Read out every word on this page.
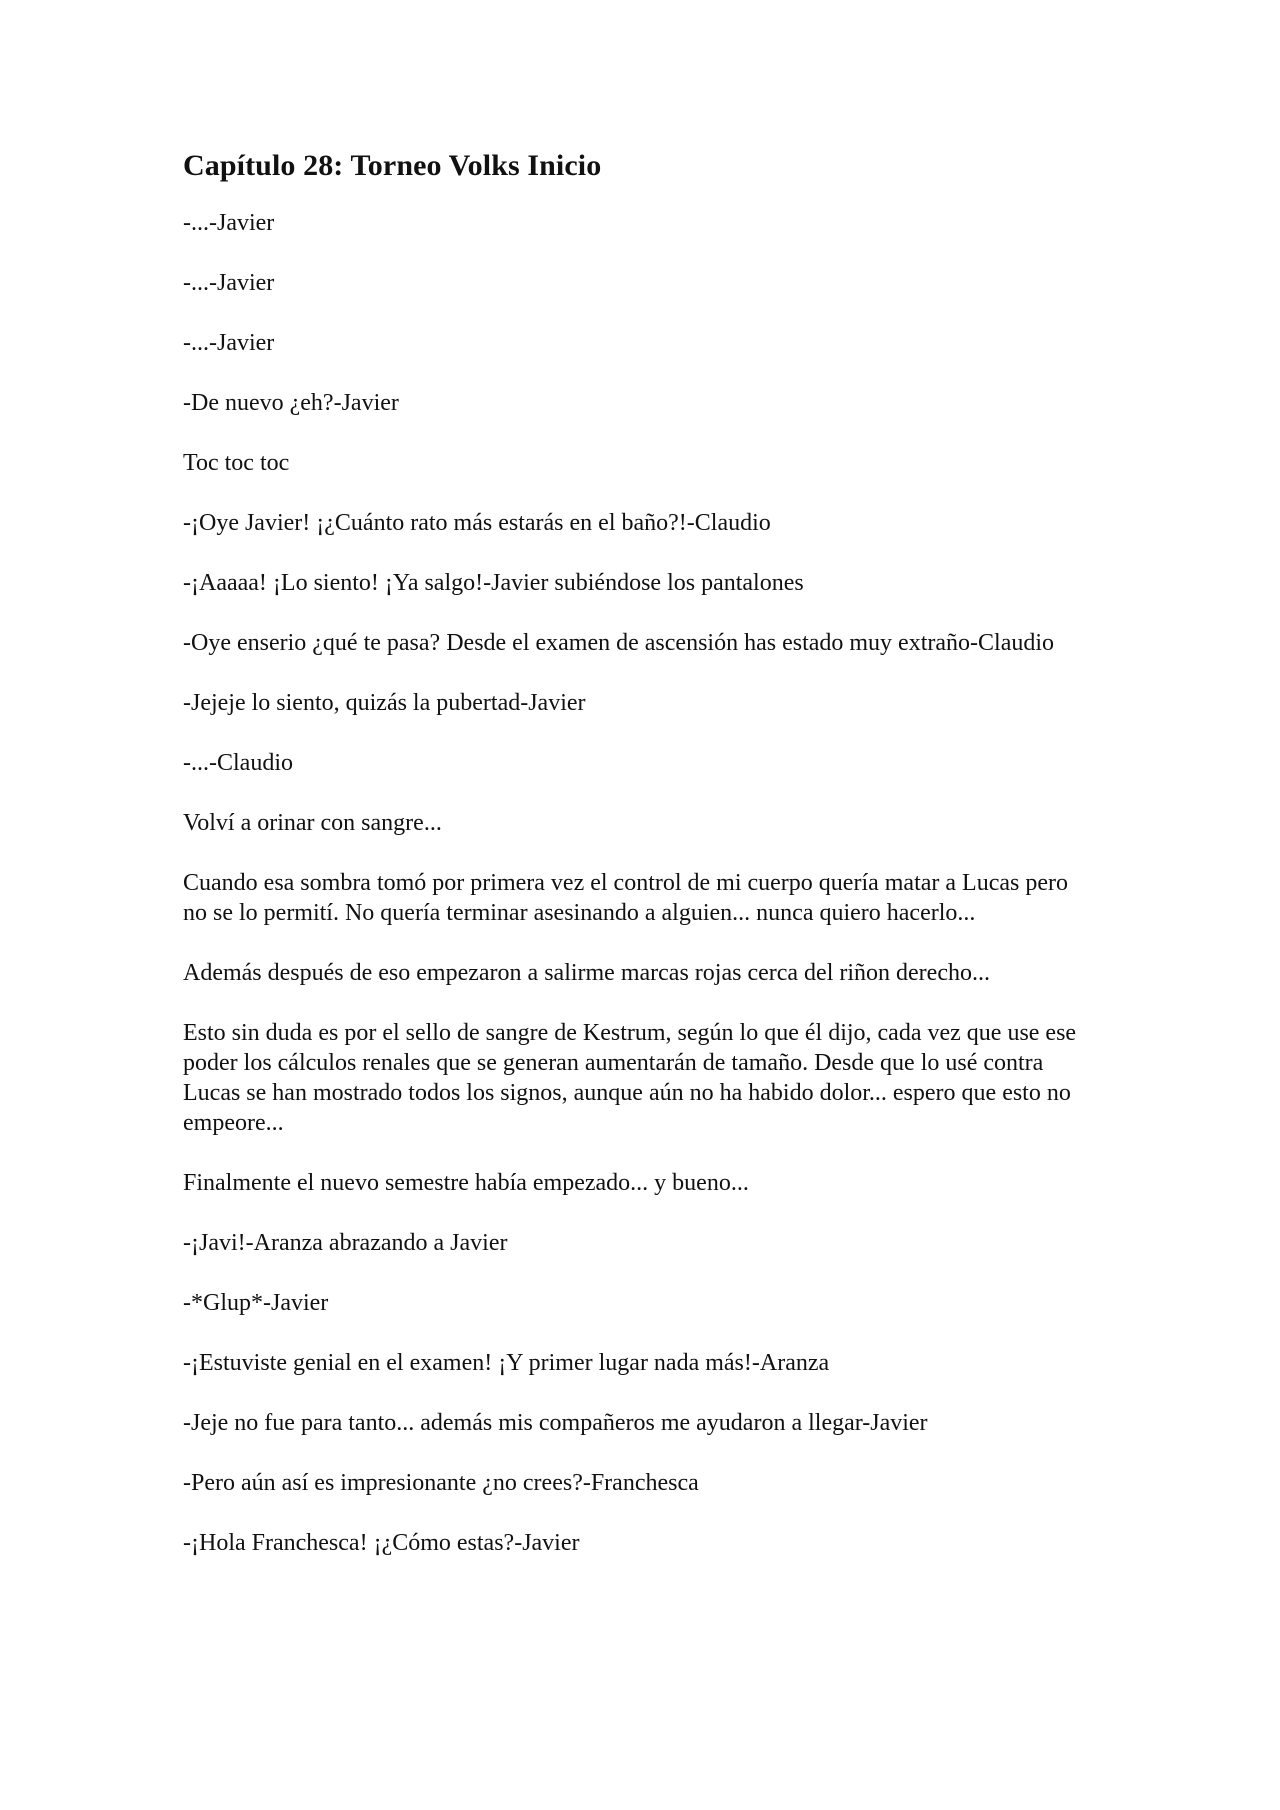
Capítulo 28: Torneo Volks Inicio

-...-Javier

-...-Javier

-...-Javier

-De nuevo ¿eh?-Javier

Toc toc toc

-¡Oye Javier! ¡¿Cuánto rato más estarás en el baño?!-Claudio

-¡Aaaaa! ¡Lo siento! ¡Ya salgo!-Javier subiéndose los pantalones

-Oye enserio ¿qué te pasa? Desde el examen de ascensión has estado muy extraño-Claudio

-Jejeje lo siento, quizás la pubertad-Javier

-...-Claudio

Volví a orinar con sangre...

Cuando esa sombra tomó por primera vez el control de mi cuerpo quería matar a Lucas pero no se lo permití. No quería terminar asesinando a alguien... nunca quiero hacerlo...

Además después de eso empezaron a salirme marcas rojas cerca del riñon derecho...

Esto sin duda es por el sello de sangre de Kestrum, según lo que él dijo, cada vez que use ese poder los cálculos renales que se generan aumentarán de tamaño. Desde que lo usé contra Lucas se han mostrado todos los signos, aunque aún no ha habido dolor... espero que esto no empeore...

Finalmente el nuevo semestre había empezado... y bueno...

-¡Javi!-Aranza abrazando a Javier

-*Glup*-Javier

-¡Estuviste genial en el examen! ¡Y primer lugar nada más!-Aranza

-Jeje no fue para tanto... además mis compañeros me ayudaron a llegar-Javier

-Pero aún así es impresionante ¿no crees?-Franchesca

-¡Hola Franchesca! ¡¿Cómo estas?-Javier
